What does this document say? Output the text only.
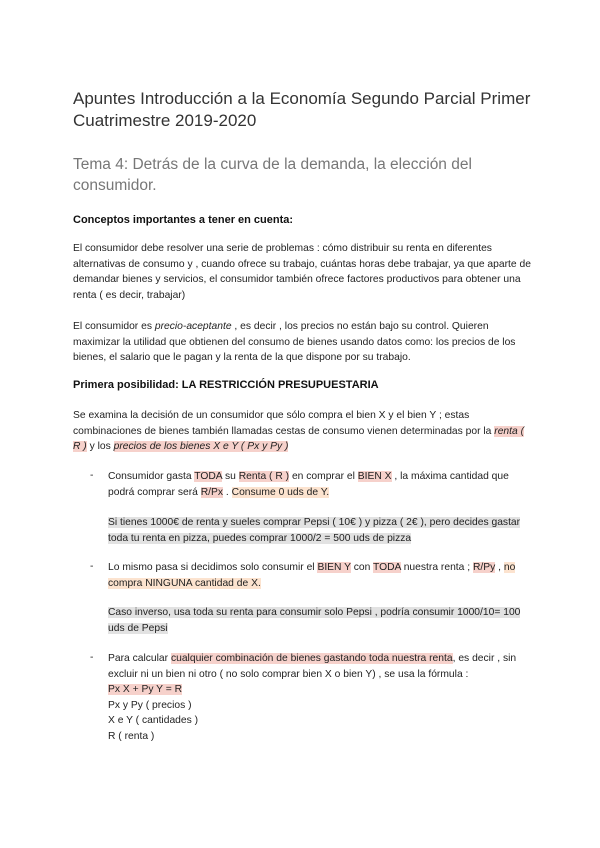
Apuntes Introducción a la Economía Segundo Parcial Primer Cuatrimestre 2019-2020
Tema 4: Detrás de la curva de la demanda, la elección del consumidor.
Conceptos importantes a tener en cuenta:
El consumidor debe resolver una serie de problemas : cómo distribuir su renta en diferentes alternativas de consumo y , cuando ofrece su trabajo, cuántas horas debe trabajar, ya que aparte de demandar bienes y servicios, el consumidor también ofrece factores productivos para obtener una renta ( es decir, trabajar)
El consumidor es precio-aceptante , es decir , los precios no están bajo su control. Quieren maximizar la utilidad que obtienen del consumo de bienes usando datos como: los precios de los bienes, el salario que le pagan y la renta de la que dispone por su trabajo.
Primera posibilidad: LA RESTRICCIÓN PRESUPUESTARIA
Se examina la decisión de un consumidor que sólo compra el bien X y el bien Y ; estas combinaciones de bienes también llamadas cestas de consumo vienen determinadas por la renta ( R ) y los precios de los bienes X e Y ( Px y Py )
- Consumidor gasta TODA su Renta ( R ) en comprar el BIEN X , la máxima cantidad que podrá comprar será R/Px . Consume 0 uds de Y.
Si tienes 1000€ de renta y sueles comprar Pepsi ( 10€ ) y pizza ( 2€ ), pero decides gastar toda tu renta en pizza, puedes comprar 1000/2 = 500 uds de pizza
- Lo mismo pasa si decidimos solo consumir el BIEN Y con TODA nuestra renta ; R/Py , no compra NINGUNA cantidad de X.
Caso inverso, usa toda su renta para consumir solo Pepsi , podría consumir 1000/10= 100 uds de Pepsi
- Para calcular cualquier combinación de bienes gastando toda nuestra renta, es decir , sin excluir ni un bien ni otro ( no solo comprar bien X o bien Y) , se usa la fórmula :
Px X + Py Y = R
Px y Py ( precios )
X e Y ( cantidades )
R ( renta )
